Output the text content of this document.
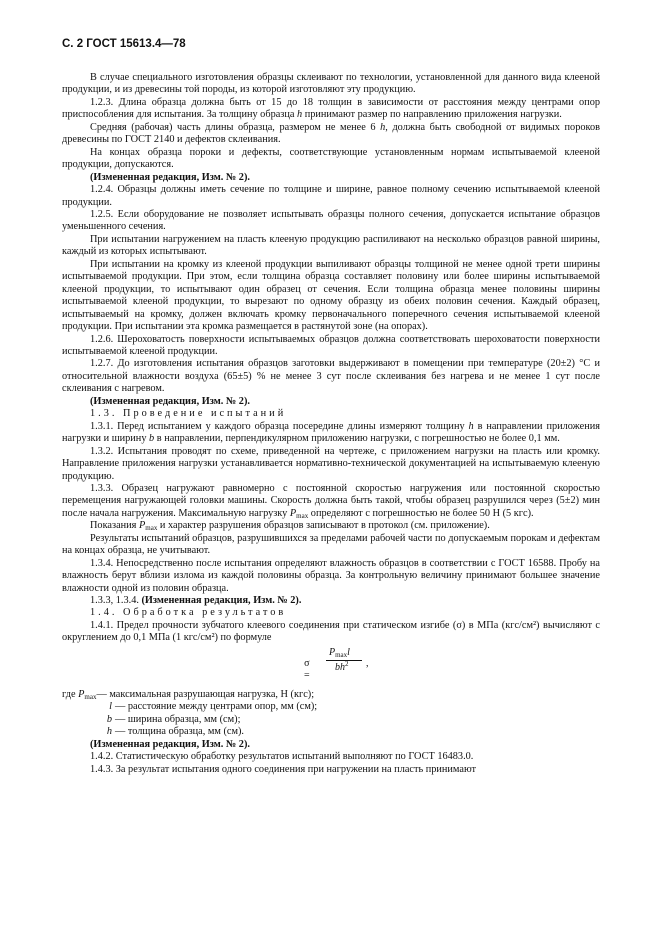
С. 2 ГОСТ 15613.4—78

В случае специального изготовления образцы склеивают по технологии, установленной для данного вида клееной продукции, и из древесины той породы, из которой изготовляют эту продукцию.

1.2.3. Длина образца должна быть от 15 до 18 толщин в зависимости от расстояния между центрами опор приспособления для испытания. За толщину образца h принимают размер по направлению приложения нагрузки.

Средняя (рабочая) часть длины образца, размером не менее 6 h, должна быть свободной от видимых пороков древесины по ГОСТ 2140 и дефектов склеивания.

На концах образца пороки и дефекты, соответствующие установленным нормам испытываемой клееной продукции, допускаются.

(Измененная редакция, Изм. № 2).

1.2.4. Образцы должны иметь сечение по толщине и ширине, равное полному сечению испытываемой клееной продукции.

1.2.5. Если оборудование не позволяет испытывать образцы полного сечения, допускается испытание образцов уменьшенного сечения.

При испытании нагружением на пласть клееную продукцию распиливают на несколько образцов равной ширины, каждый из которых испытывают.

При испытании на кромку из клееной продукции выпиливают образцы толщиной не менее одной трети ширины испытываемой продукции. При этом, если толщина образца составляет половину или более ширины испытываемой клееной продукции, то испытывают один образец от сечения. Если толщина образца менее половины ширины испытываемой клееной продукции, то вырезают по одному образцу из обеих половин сечения. Каждый образец, испытываемый на кромку, должен включать кромку первоначального поперечного сечения испытываемой клееной продукции. При испытании эта кромка размещается в растянутой зоне (на опорах).

1.2.6. Шероховатость поверхности испытываемых образцов должна соответствовать шероховатости поверхности испытываемой клееной продукции.

1.2.7. До изготовления испытания образцов заготовки выдерживают в помещении при температуре (20±2) °С и относительной влажности воздуха (65±5) % не менее 3 сут после склеивания без нагрева и не менее 1 сут после склеивания с нагревом.

(Измененная редакция, Изм. № 2).

1.3. Проведение испытаний

1.3.1. Перед испытанием у каждого образца посередине длины измеряют толщину h в направлении приложения нагрузки и ширину b в направлении, перпендикулярном приложению нагрузки, с погрешностью не более 0,1 мм.

1.3.2. Испытания проводят по схеме, приведенной на чертеже, с приложением нагрузки на пласть или кромку. Направление приложения нагрузки устанавливается нормативно-технической документацией на испытываемую клееную продукцию.

1.3.3. Образец нагружают равномерно с постоянной скоростью нагружения или постоянной скоростью перемещения нагружающей головки машины. Скорость должна быть такой, чтобы образец разрушился через (5±2) мин после начала нагружения. Максимальную нагрузку $P_{max}$ определяют с погрешностью не более 50 Н (5 кгс).

Показания $P_{max}$ и характер разрушения образцов записывают в протокол (см. приложение).

Результаты испытаний образцов, разрушившихся за пределами рабочей части по допускаемым порокам и дефектам на концах образца, не учитывают.

1.3.4. Непосредственно после испытания определяют влажность образцов в соответствии с ГОСТ 16588. Пробу на влажность берут вблизи излома из каждой половины образца. За контрольную величину принимают большее значение влажности одной из половин образца.

1.3.3, 1.3.4. (Измененная редакция, Изм. № 2).

1.4. Обработка результатов

1.4.1. Предел прочности зубчатого клеевого соединения при статическом изгибе (σ) в МПа (кгс/см²) вычисляют с округлением до 0,1 МПа (1 кгс/см²) по формуле

σ =
$P_{max}l$
$bh^2$ ,
где $P_{max}$ — максимальная разрушающая нагрузка, Н (кгс);
l — расстояние между центрами опор, мм (см);
b — ширина образца, мм (см);
h — толщина образца, мм (см).

(Измененная редакция, Изм. № 2).

1.4.2. Статистическую обработку результатов испытаний выполняют по ГОСТ 16483.0.

1.4.3. За результат испытания одного соединения при нагружении на пласть принимают
